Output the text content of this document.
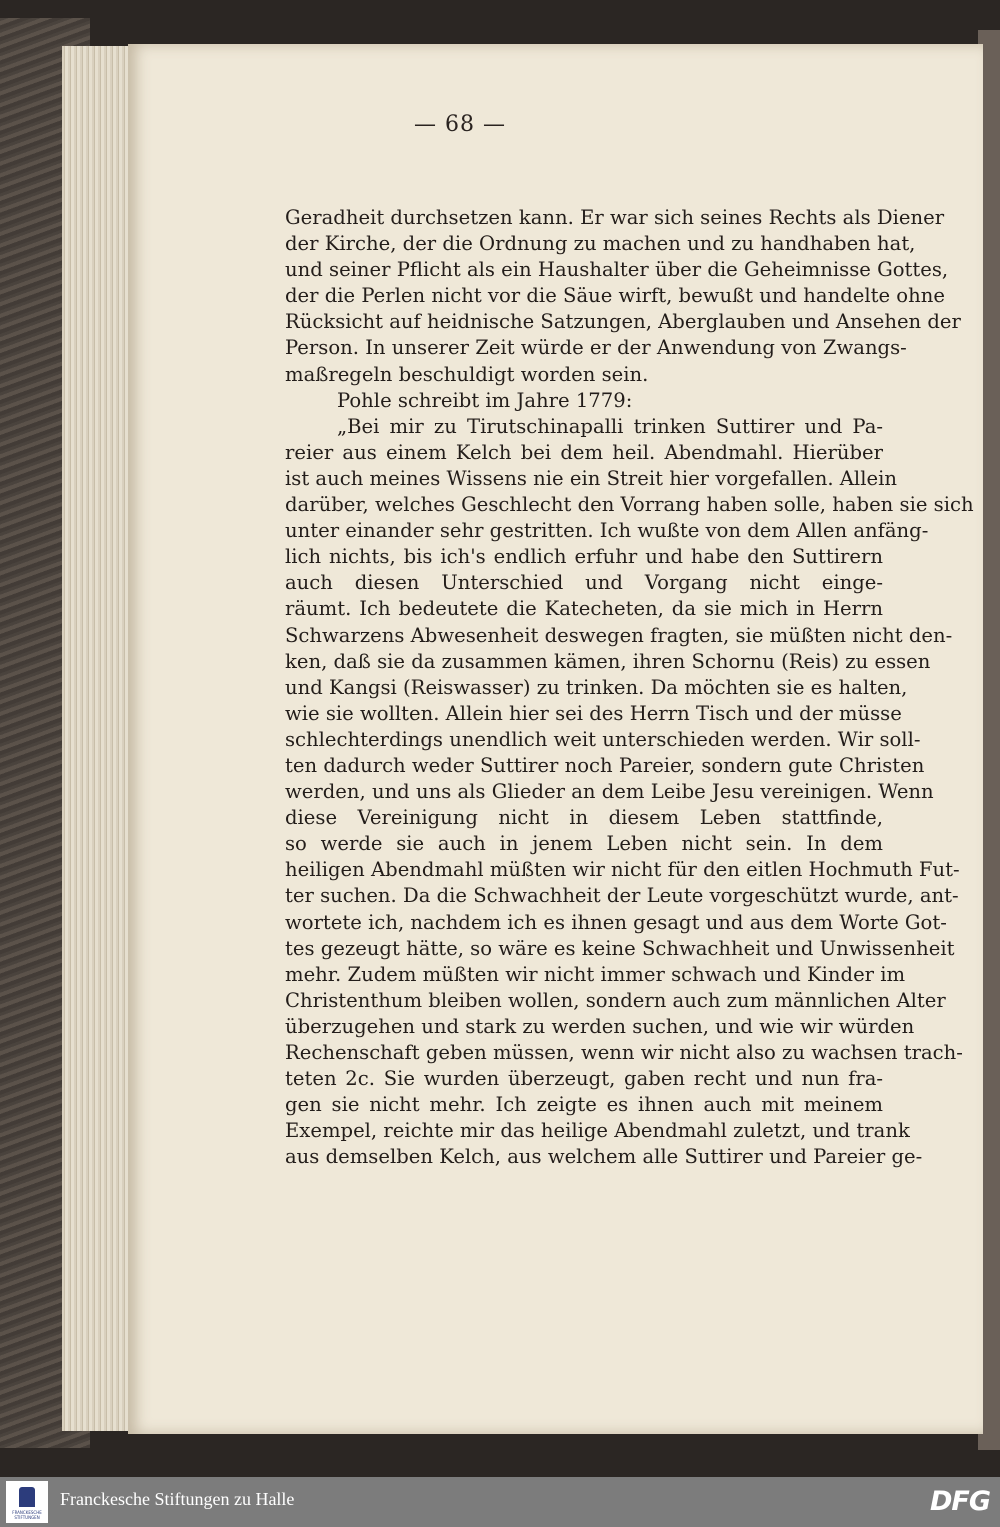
— 68 —
Geradheit durchsetzen kann. Er war sich seines Rechts als Diener
der Kirche, der die Ordnung zu machen und zu handhaben hat,
und seiner Pflicht als ein Haushalter über die Geheimnisse Gottes,
der die Perlen nicht vor die Säue wirft, bewußt und handelte ohne
Rücksicht auf heidnische Satzungen, Aberglauben und Ansehen der
Person. In unserer Zeit würde er der Anwendung von Zwangs-
maßregeln beschuldigt worden sein.
Pohle schreibt im Jahre 1779:
„Bei mir zu Tirutschinapalli trinken Suttirer und Pa-
reier aus einem Kelch bei dem heil. Abendmahl. Hierüber
ist auch meines Wissens nie ein Streit hier vorgefallen. Allein
darüber, welches Geschlecht den Vorrang haben solle, haben sie sich
unter einander sehr gestritten. Ich wußte von dem Allen anfäng-
lich nichts, bis ich's endlich erfuhr und habe den Suttirern
auch diesen Unterschied und Vorgang nicht einge-
räumt. Ich bedeutete die Katecheten, da sie mich in Herrn
Schwarzens Abwesenheit deswegen fragten, sie müßten nicht den-
ken, daß sie da zusammen kämen, ihren Schornu (Reis) zu essen
und Kangsi (Reiswasser) zu trinken. Da möchten sie es halten,
wie sie wollten. Allein hier sei des Herrn Tisch und der müsse
schlechterdings unendlich weit unterschieden werden. Wir soll-
ten dadurch weder Suttirer noch Pareier, sondern gute Christen
werden, und uns als Glieder an dem Leibe Jesu vereinigen. Wenn
diese Vereinigung nicht in diesem Leben stattfinde,
so werde sie auch in jenem Leben nicht sein. In dem
heiligen Abendmahl müßten wir nicht für den eitlen Hochmuth Fut-
ter suchen. Da die Schwachheit der Leute vorgeschützt wurde, ant-
wortete ich, nachdem ich es ihnen gesagt und aus dem Worte Got-
tes gezeugt hätte, so wäre es keine Schwachheit und Unwissenheit
mehr. Zudem müßten wir nicht immer schwach und Kinder im
Christenthum bleiben wollen, sondern auch zum männlichen Alter
überzugehen und stark zu werden suchen, und wie wir würden
Rechenschaft geben müssen, wenn wir nicht also zu wachsen trach-
teten 2c. Sie wurden überzeugt, gaben recht und nun fra-
gen sie nicht mehr. Ich zeigte es ihnen auch mit meinem
Exempel, reichte mir das heilige Abendmahl zuletzt, und trank
aus demselben Kelch, aus welchem alle Suttirer und Pareier ge-
FRANCKESCHE STIFTUNGEN
Franckesche Stiftungen zu Halle	DFG
